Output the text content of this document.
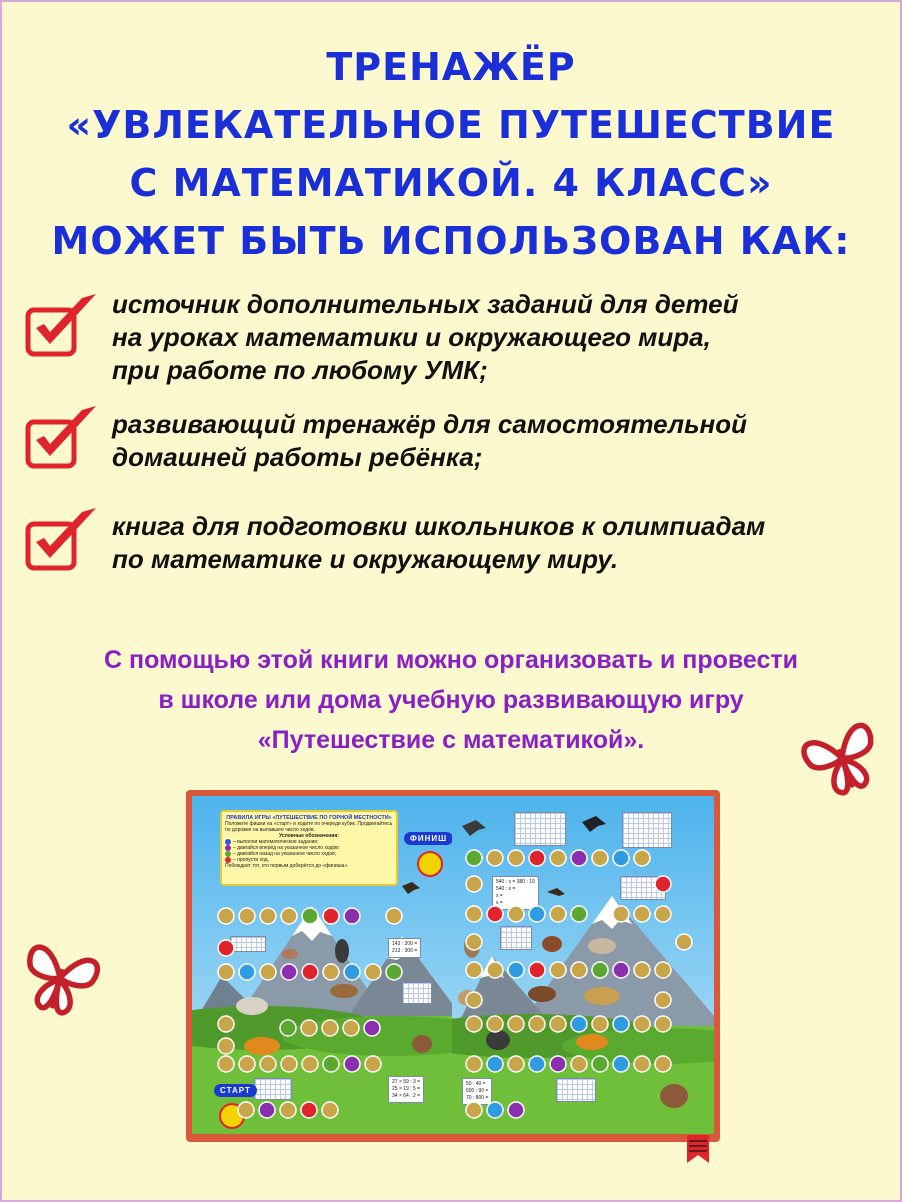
ТРЕНАЖЁР
«УВЛЕКАТЕЛЬНОЕ ПУТЕШЕСТВИЕ
С МАТЕМАТИКОЙ. 4 КЛАСС»
МОЖЕТ БЫТЬ ИСПОЛЬЗОВАН КАК:
источник дополнительных заданий для детей
на уроках математики и окружающего мира,
при работе по любому УМК;
развивающий тренажёр для самостоятельной
домашней работы ребёнка;
книга для подготовки школьников к олимпиадам
по математике и окружающему миру.
С помощью этой книги можно организовать и провести
в школе или дома учебную развивающую игру
«Путешествие с математикой».
ПРАВИЛА ИГРЫ «ПУТЕШЕСТВИЕ ПО ГОРНОЙ МЕСТНОСТИ»
Положите фишки на «старт» и ходите по очереди кубик. Продвигайтесь по дорожке на выпавшее число ходов.
Условные обозначения:
– выполни математическое задание;
– двигайся вперёд на указанное число ходов;
– двигайся назад на указанное число ходов;
– пропусти ход.
Побеждает тот, кто первым доберётся до «финиша».
ФИНИШ
143 : 200 =
213 : 300 =
27 × 59 : 3 =
25 × 19 : 5 =
34 × 64 : 2 =
СТАРТ
540 : х = 380 : 19
540 : х =
х =
х =
50 : 40 =
600 : 90 =
70 : 800 =
